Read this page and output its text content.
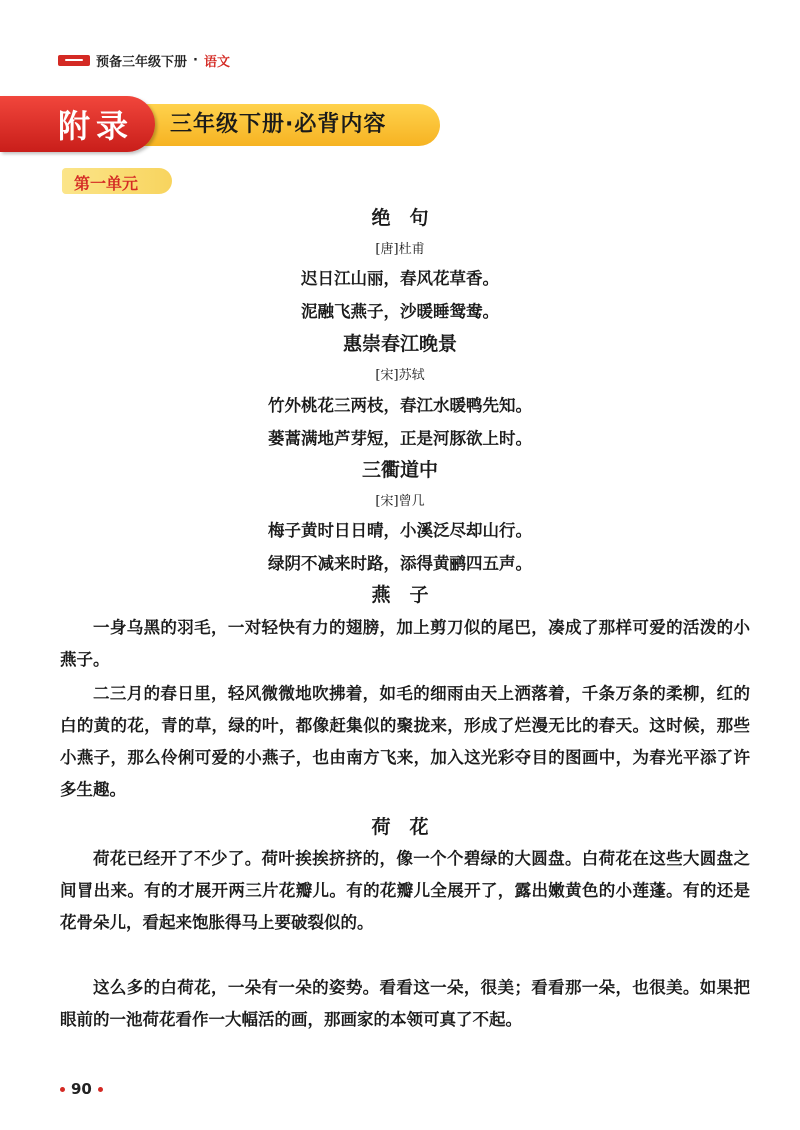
预备三年级下册 · 语文
附录 三年级下册·必背内容
第一单元
绝　句
[唐]杜甫
迟日江山丽，春风花草香。
泥融飞燕子，沙暖睡鸳鸯。
惠崇春江晚景
[宋]苏轼
竹外桃花三两枝，春江水暖鸭先知。
蒌蒿满地芦芽短，正是河豚欲上时。
三衢道中
[宋]曾几
梅子黄时日日晴，小溪泛尽却山行。
绿阴不减来时路，添得黄鹂四五声。
燕　子

一身乌黑的羽毛，一对轻快有力的翅膀，加上剪刀似的尾巴，凑成了那样可爱的活泼的小燕子。

二三月的春日里，轻风微微地吹拂着，如毛的细雨由天上洒落着，千条万条的柔柳，红的白的黄的花，青的草，绿的叶，都像赶集似的聚拢来，形成了烂漫无比的春天。这时候，那些小燕子，那么伶俐可爱的小燕子，也由南方飞来，加入这光彩夺目的图画中，为春光平添了许多生趣。

荷　花

荷花已经开了不少了。荷叶挨挨挤挤的，像一个个碧绿的大圆盘。白荷花在这些大圆盘之间冒出来。有的才展开两三片花瓣儿。有的花瓣儿全展开了，露出嫩黄色的小莲蓬。有的还是花骨朵儿，看起来饱胀得马上要破裂似的。

这么多的白荷花，一朵有一朵的姿势。看看这一朵，很美；看看那一朵，也很美。如果把眼前的一池荷花看作一大幅活的画，那画家的本领可真了不起。

90
